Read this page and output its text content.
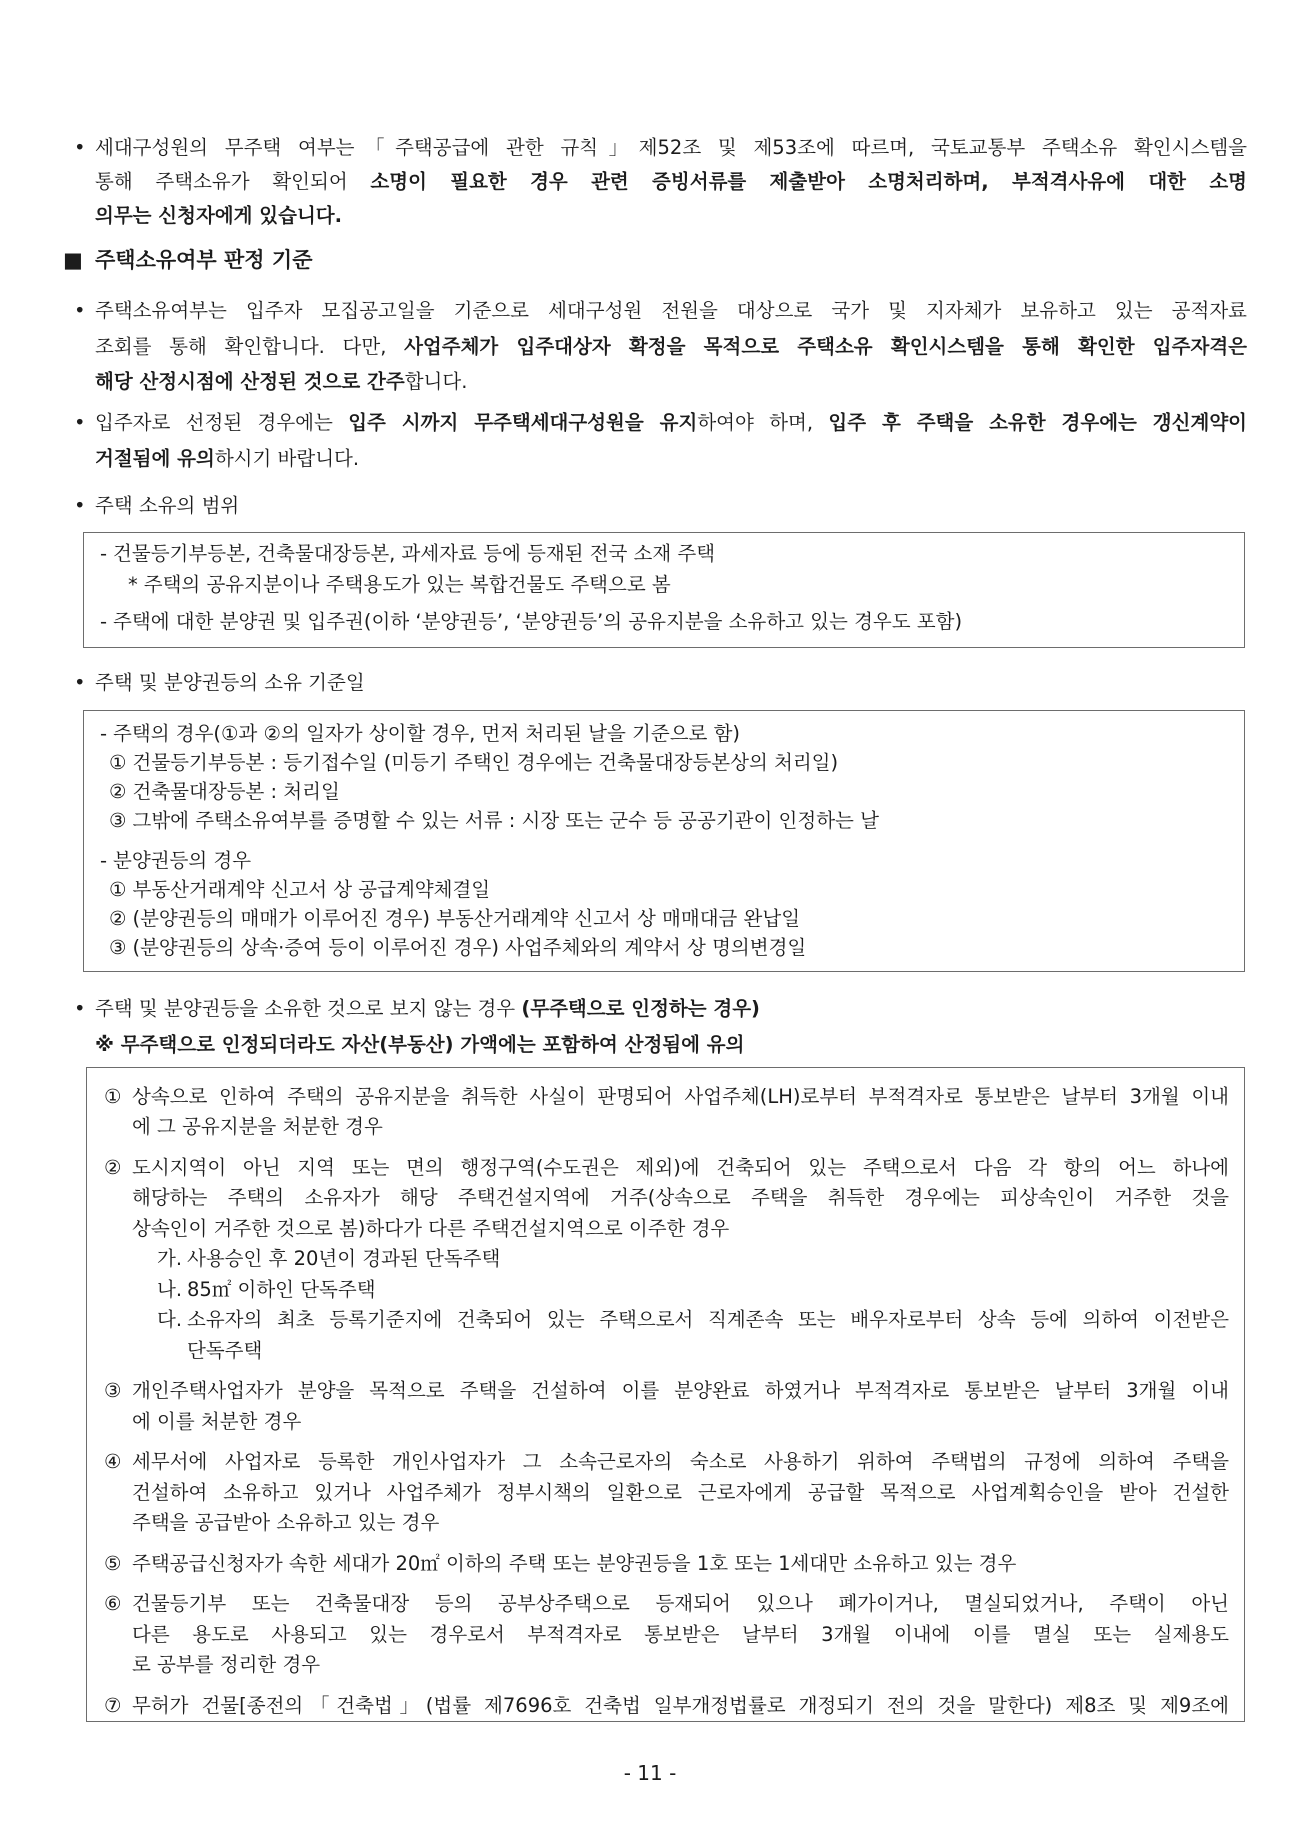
• 세대구성원의 무주택 여부는「주택공급에 관한 규칙」제52조 및 제53조에 따르며, 국토교통부 주택소유 확인시스템을
통해 주택소유가 확인되어 소명이 필요한 경우 관련 증빙서류를 제출받아 소명처리하며, 부적격사유에 대한 소명
의무는 신청자에게 있습니다.
■ 주택소유여부 판정 기준
• 주택소유여부는 입주자 모집공고일을 기준으로 세대구성원 전원을 대상으로 국가 및 지자체가 보유하고 있는 공적자료
조회를 통해 확인합니다. 다만, 사업주체가 입주대상자 확정을 목적으로 주택소유 확인시스템을 통해 확인한 입주자격은
해당 산정시점에 산정된 것으로 간주합니다.
• 입주자로 선정된 경우에는 입주 시까지 무주택세대구성원을 유지하여야 하며, 입주 후 주택을 소유한 경우에는 갱신계약이
거절됨에 유의하시기 바랍니다.
• 주택 소유의 범위
- 건물등기부등본, 건축물대장등본, 과세자료 등에 등재된 전국 소재 주택
* 주택의 공유지분이나 주택용도가 있는 복합건물도 주택으로 봄
- 주택에 대한 분양권 및 입주권(이하 ‘분양권등’, ‘분양권등’의 공유지분을 소유하고 있는 경우도 포함)
• 주택 및 분양권등의 소유 기준일
- 주택의 경우(①과 ②의 일자가 상이할 경우, 먼저 처리된 날을 기준으로 함)
① 건물등기부등본 : 등기접수일 (미등기 주택인 경우에는 건축물대장등본상의 처리일)
② 건축물대장등본 : 처리일
③ 그밖에 주택소유여부를 증명할 수 있는 서류 : 시장 또는 군수 등 공공기관이 인정하는 날
- 분양권등의 경우
① 부동산거래계약 신고서 상 공급계약체결일
② (분양권등의 매매가 이루어진 경우) 부동산거래계약 신고서 상 매매대금 완납일
③ (분양권등의 상속·증여 등이 이루어진 경우) 사업주체와의 계약서 상 명의변경일
• 주택 및 분양권등을 소유한 것으로 보지 않는 경우 (무주택으로 인정하는 경우)
※ 무주택으로 인정되더라도 자산(부동산) 가액에는 포함하여 산정됨에 유의
① 상속으로 인하여 주택의 공유지분을 취득한 사실이 판명되어 사업주체(LH)로부터 부적격자로 통보받은 날부터 3개월 이내
에 그 공유지분을 처분한 경우
② 도시지역이 아닌 지역 또는 면의 행정구역(수도권은 제외)에 건축되어 있는 주택으로서 다음 각 항의 어느 하나에
해당하는 주택의 소유자가 해당 주택건설지역에 거주(상속으로 주택을 취득한 경우에는 피상속인이 거주한 것을
상속인이 거주한 것으로 봄)하다가 다른 주택건설지역으로 이주한 경우
가. 사용승인 후 20년이 경과된 단독주택
나. 85㎡ 이하인 단독주택
다. 소유자의 최초 등록기준지에 건축되어 있는 주택으로서 직계존속 또는 배우자로부터 상속 등에 의하여 이전받은
단독주택
③ 개인주택사업자가 분양을 목적으로 주택을 건설하여 이를 분양완료 하였거나 부적격자로 통보받은 날부터 3개월 이내
에 이를 처분한 경우
④ 세무서에 사업자로 등록한 개인사업자가 그 소속근로자의 숙소로 사용하기 위하여 주택법의 규정에 의하여 주택을
건설하여 소유하고 있거나 사업주체가 정부시책의 일환으로 근로자에게 공급할 목적으로 사업계획승인을 받아 건설한
주택을 공급받아 소유하고 있는 경우
⑤ 주택공급신청자가 속한 세대가 20㎡ 이하의 주택 또는 분양권등을 1호 또는 1세대만 소유하고 있는 경우
⑥ 건물등기부 또는 건축물대장 등의 공부상주택으로 등재되어 있으나 폐가이거나, 멸실되었거나, 주택이 아닌
다른 용도로 사용되고 있는 경우로서 부적격자로 통보받은 날부터 3개월 이내에 이를 멸실 또는 실제용도
로 공부를 정리한 경우
⑦ 무허가 건물[종전의「건축법」(법률 제7696호 건축법 일부개정법률로 개정되기 전의 것을 말한다) 제8조 및 제9조에
- 11 -
